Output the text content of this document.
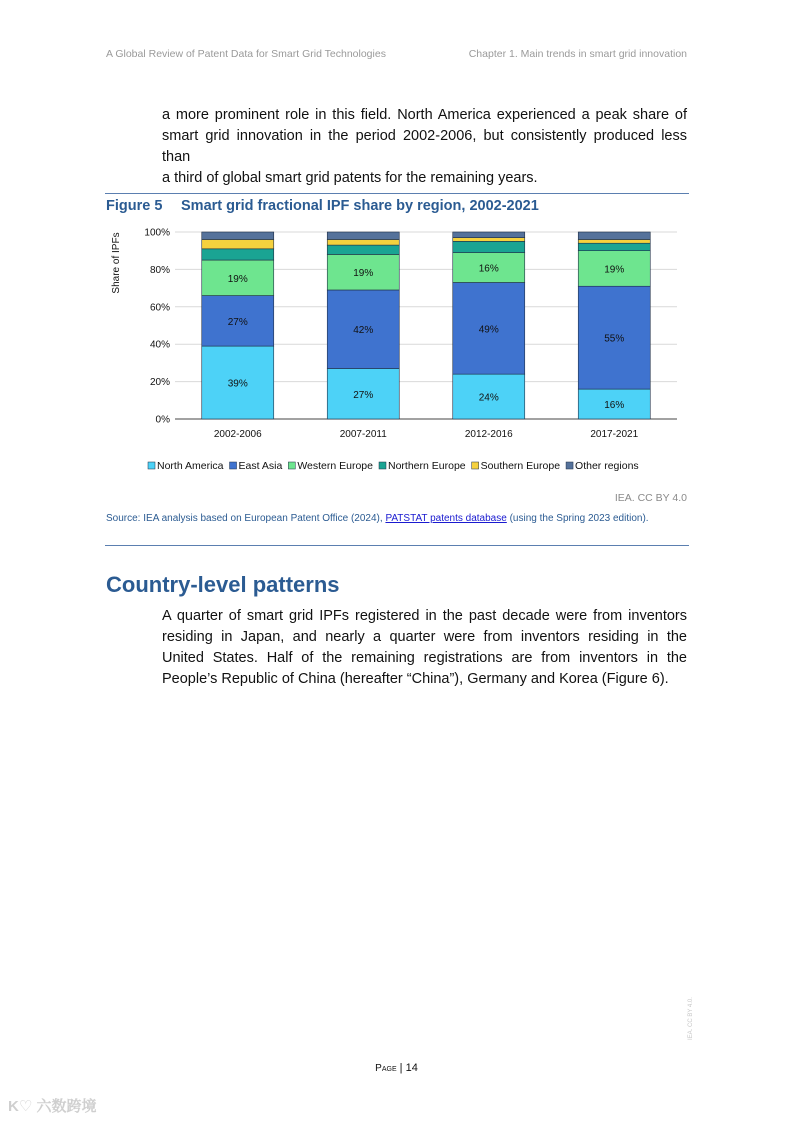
A Global Review of Patent Data for Smart Grid Technologies	Chapter 1. Main trends in smart grid innovation
a more prominent role in this field. North America experienced a peak share of
smart grid innovation in the period 2002-2006, but consistently produced less than
a third of global smart grid patents for the remaining years.
Figure 5 Smart grid fractional IPF share by region, 2002-2021
0%
20%
40%
60%
80%
100%
39%
27%
19%
27%
42%
19%
24%
49%
16%
16%
55%
19%
2002-2006	2007-2011	2012-2016	2017-2021
North America East Asia Western Europe Northern Europe Southern Europe Other regions
Share of IPFs
IEA. CC BY 4.0
Source: IEA analysis based on European Patent Office (2024), PATSTAT patents database (using the Spring 2023 edition).
Country-level patterns
A quarter of smart grid IPFs registered in the past decade were from inventors
residing in Japan, and nearly a quarter were from inventors residing in the
United States. Half of the remaining registrations are from inventors in the
People’s Republic of China (hereafter “China”), Germany and Korea (Figure 6).
IEA. CC BY 4.0.
Page | 14
K♡ 六数跨境
